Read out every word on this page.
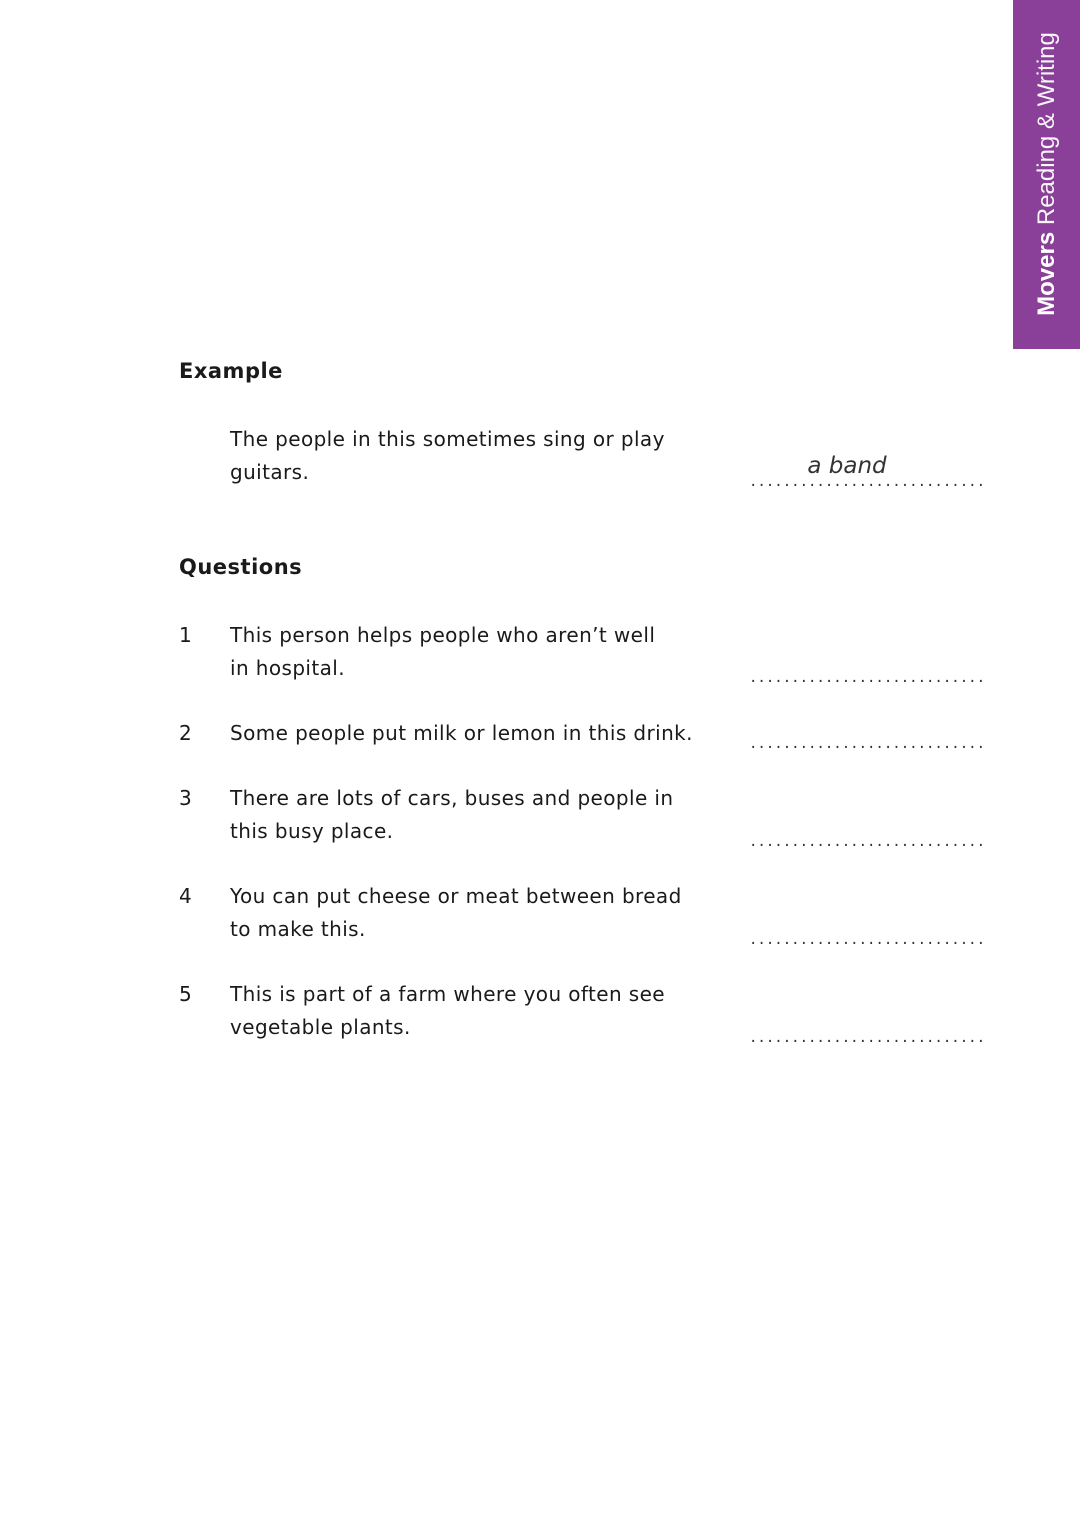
Movers Reading & Writing
Example
The people in this sometimes sing or play guitars.	a band
............................
Questions
1 This person helps people who aren’t well in hospital.	............................
2 Some people put milk or lemon in this drink.	............................
3 There are lots of cars, buses and people in this busy place.	............................
4 You can put cheese or meat between bread to make this.	............................
5 This is part of a farm where you often see vegetable plants.	............................
